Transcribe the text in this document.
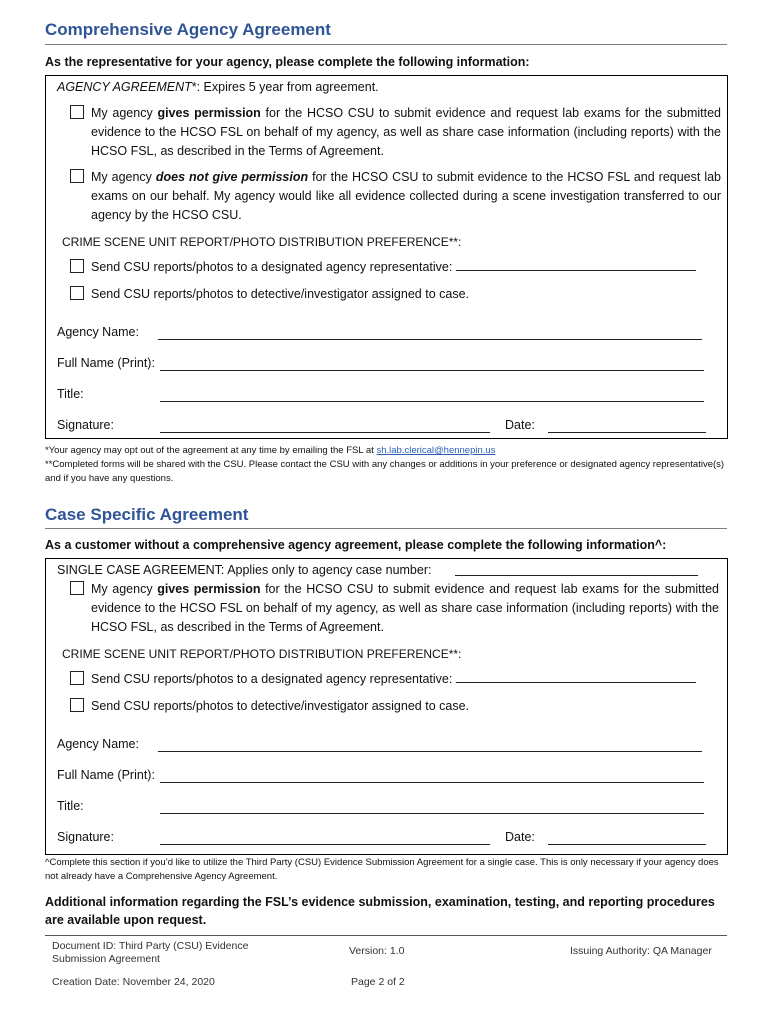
Comprehensive Agency Agreement
As the representative for your agency, please complete the following information:
AGENCY AGREEMENT*: Expires 5 year from agreement.
My agency gives permission for the HCSO CSU to submit evidence and request lab exams for the submitted evidence to the HCSO FSL on behalf of my agency, as well as share case information (including reports) with the HCSO FSL, as described in the Terms of Agreement.
My agency does not give permission for the HCSO CSU to submit evidence to the HCSO FSL and request lab exams on our behalf. My agency would like all evidence collected during a scene investigation transferred to our agency by the HCSO CSU.
CRIME SCENE UNIT REPORT/PHOTO DISTRIBUTION PREFERENCE**:
Send CSU reports/photos to a designated agency representative:
Send CSU reports/photos to detective/investigator assigned to case.
Agency Name:
Full Name (Print):
Title:
Signature:	Date:
*Your agency may opt out of the agreement at any time by emailing the FSL at sh.lab.clerical@hennepin.us
**Completed forms will be shared with the CSU. Please contact the CSU with any changes or additions in your preference or designated agency representative(s) and if you have any questions.
Case Specific Agreement
As a customer without a comprehensive agency agreement, please complete the following information^:
SINGLE CASE AGREEMENT: Applies only to agency case number:
My agency gives permission for the HCSO CSU to submit evidence and request lab exams for the submitted evidence to the HCSO FSL on behalf of my agency, as well as share case information (including reports) with the HCSO FSL, as described in the Terms of Agreement.
CRIME SCENE UNIT REPORT/PHOTO DISTRIBUTION PREFERENCE**:
Send CSU reports/photos to a designated agency representative:
Send CSU reports/photos to detective/investigator assigned to case.
Agency Name:
Full Name (Print):
Title:
Signature:	Date:
^Complete this section if you’d like to utilize the Third Party (CSU) Evidence Submission Agreement for a single case. This is only necessary if your agency does not already have a Comprehensive Agency Agreement.
Additional information regarding the FSL’s evidence submission, examination, testing, and reporting procedures are available upon request.
Document ID: Third Party (CSU) Evidence Submission Agreement
Version: 1.0	Issuing Authority: QA Manager
Creation Date: November 24, 2020	Page 2 of 2
